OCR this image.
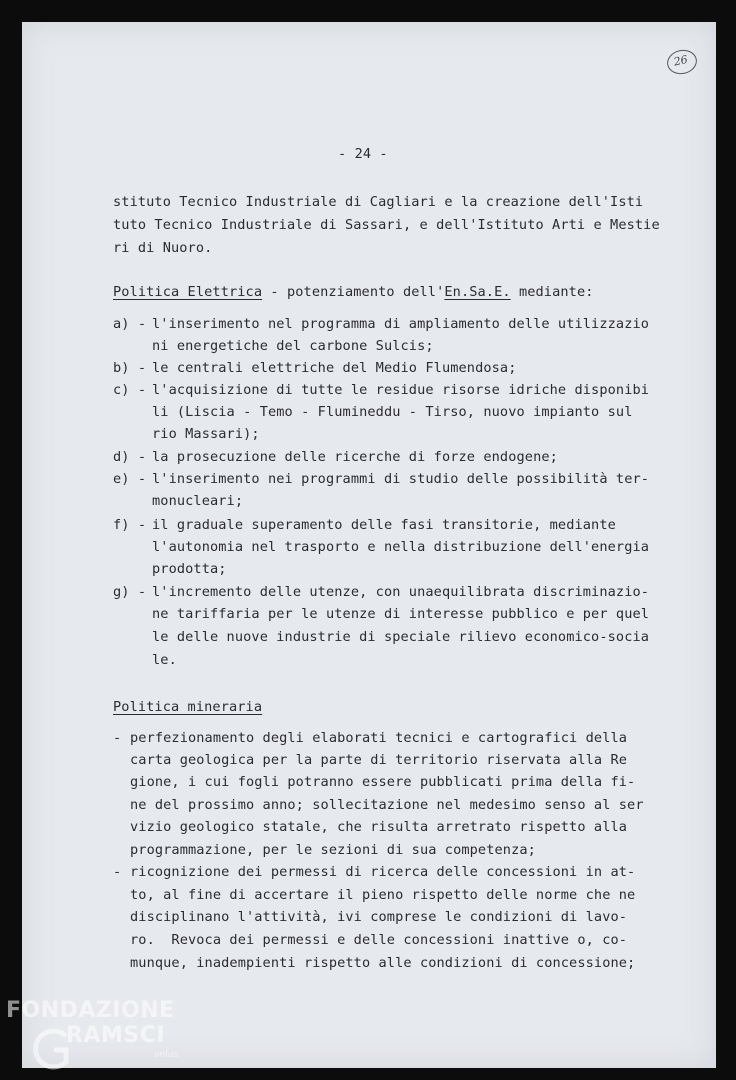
26
- 24 -
stituto Tecnico Industriale di Cagliari e la creazione dell'Isti
tuto Tecnico Industriale di Sassari, e dell'Istituto Arti e Mestie
ri di Nuoro.
Politica Elettrica - potenziamento dell'En.Sa.E. mediante:
a) - l'inserimento nel programma di ampliamento delle utilizzazio
ni energetiche del carbone Sulcis;
b) - le centrali elettriche del Medio Flumendosa;
c) - l'acquisizione di tutte le residue risorse idriche disponibi
li (Liscia - Temo - Flumineddu - Tirso, nuovo impianto sul
rio Massari);
d) - la prosecuzione delle ricerche di forze endogene;
e) - l'inserimento nei programmi di studio delle possibilità ter-
monucleari;
f) - il graduale superamento delle fasi transitorie, mediante
l'autonomia nel trasporto e nella distribuzione dell'energia
prodotta;
g) - l'incremento delle utenze, con unaequilibrata discriminazio-
ne tariffaria per le utenze di interesse pubblico e per quel
le delle nuove industrie di speciale rilievo economico-socia
le.
Politica mineraria
- perfezionamento degli elaborati tecnici e cartografici della
carta geologica per la parte di territorio riservata alla Re
gione, i cui fogli potranno essere pubblicati prima della fi-
ne del prossimo anno; sollecitazione nel medesimo senso al ser
vizio geologico statale, che risulta arretrato rispetto alla
programmazione, per le sezioni di sua competenza;
- ricognizione dei permessi di ricerca delle concessioni in at-
to, al fine di accertare il pieno rispetto delle norme che ne
disciplinano l'attività, ivi comprese le condizioni di lavo-
ro.  Revoca dei permessi e delle concessioni inattive o, co-
munque, inadempienti rispetto alle condizioni di concessione;
FONDAZIONE
RAMSCI
onlus
